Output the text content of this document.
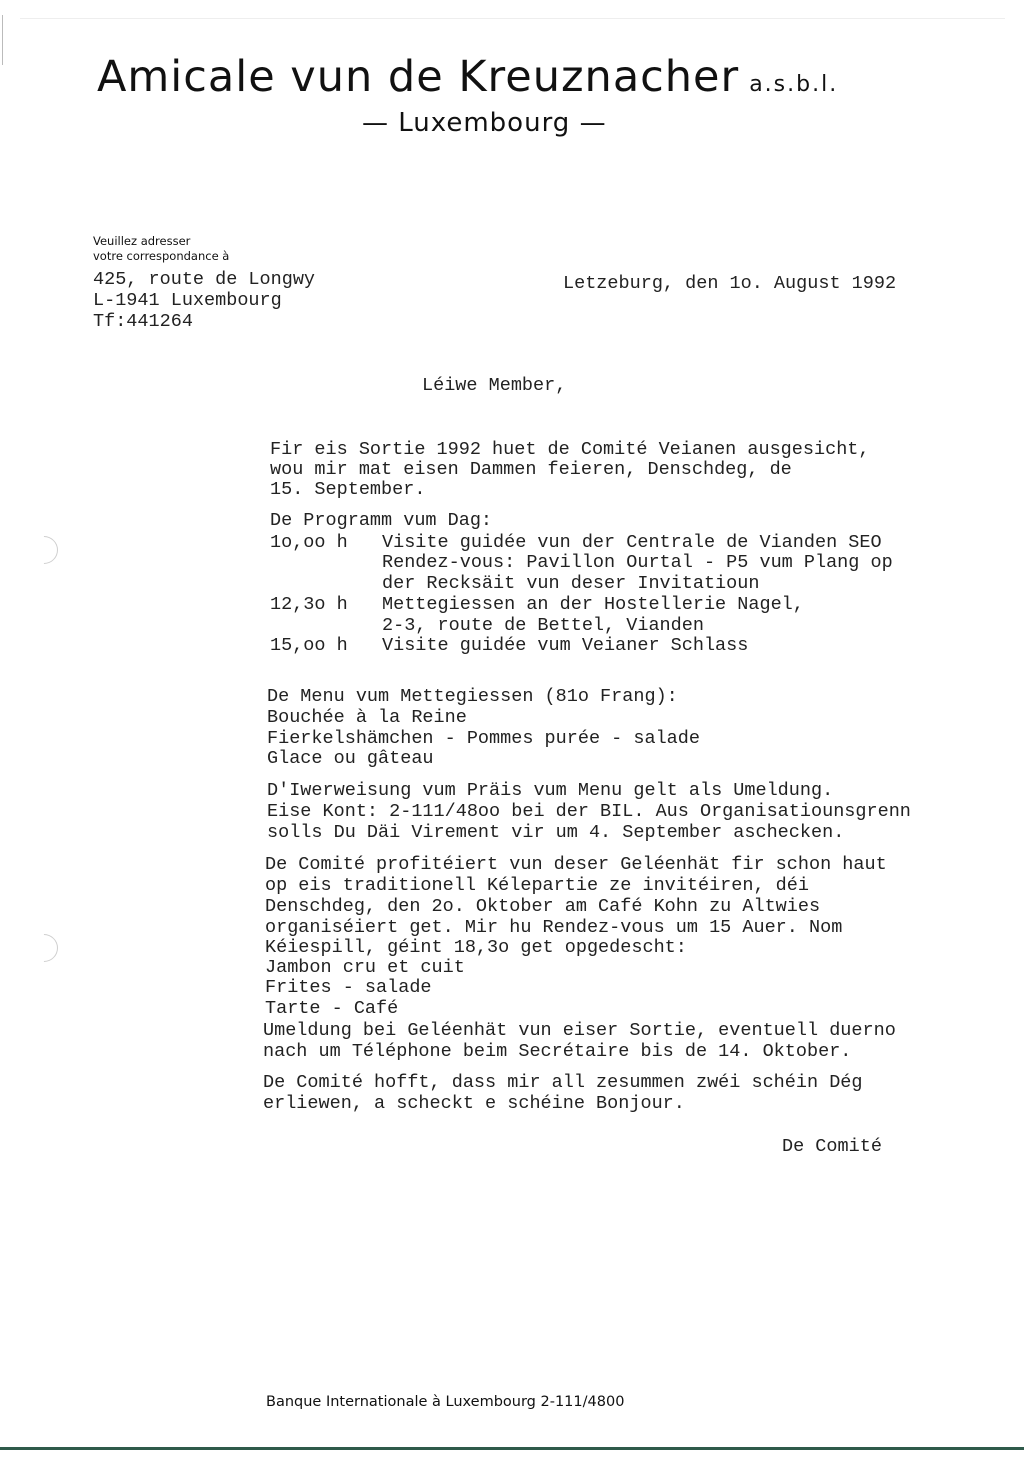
Amicale vun de Kreuznacher a.s.b.l.
— Luxembourg —
Veuillez adresser
votre correspondance à
425, route de Longwy
L-1941 Luxembourg
Tf:441264
Letzeburg, den 1o. August 1992
Léiwe Member,
Fir eis Sortie 1992 huet de Comité Veianen ausgesicht,
wou mir mat eisen Dammen feieren, Denschdeg, de
15. September.
De Programm vum Dag:
1o,oo h Visite guidée vun der Centrale de Vianden SEO
Rendez-vous: Pavillon Ourtal - P5 vum Plang op
der Recksäit vun deser Invitatioun
12,3o h Mettegiessen an der Hostellerie Nagel,
2-3, route de Bettel, Vianden
15,oo h Visite guidée vum Veianer Schlass
De Menu vum Mettegiessen (81o Frang):
Bouchée à la Reine
Fierkelshämchen - Pommes purée - salade
Glace ou gâteau
D'Iwerweisung vum Präis vum Menu gelt als Umeldung.
Eise Kont: 2-111/48oo bei der BIL. Aus Organisatiounsgrenn
solls Du Däi Virement vir um 4. September aschecken.
De Comité profitéiert vun deser Geléenhät fir schon haut
op eis traditionell Kélepartie ze invitéiren, déi
Denschdeg, den 2o. Oktober am Café Kohn zu Altwies
organiséiert get. Mir hu Rendez-vous um 15 Auer. Nom
Kéiespill, géint 18,3o get opgedescht:
Jambon cru et cuit
Frites - salade
Tarte - Café
Umeldung bei Geléenhät vun eiser Sortie, eventuell duerno
nach um Téléphone beim Secrétaire bis de 14. Oktober.
De Comité hofft, dass mir all zesummen zwéi schéin Dég
erliewen, a scheckt e schéine Bonjour.
De Comité
Banque Internationale à Luxembourg 2-111/4800
